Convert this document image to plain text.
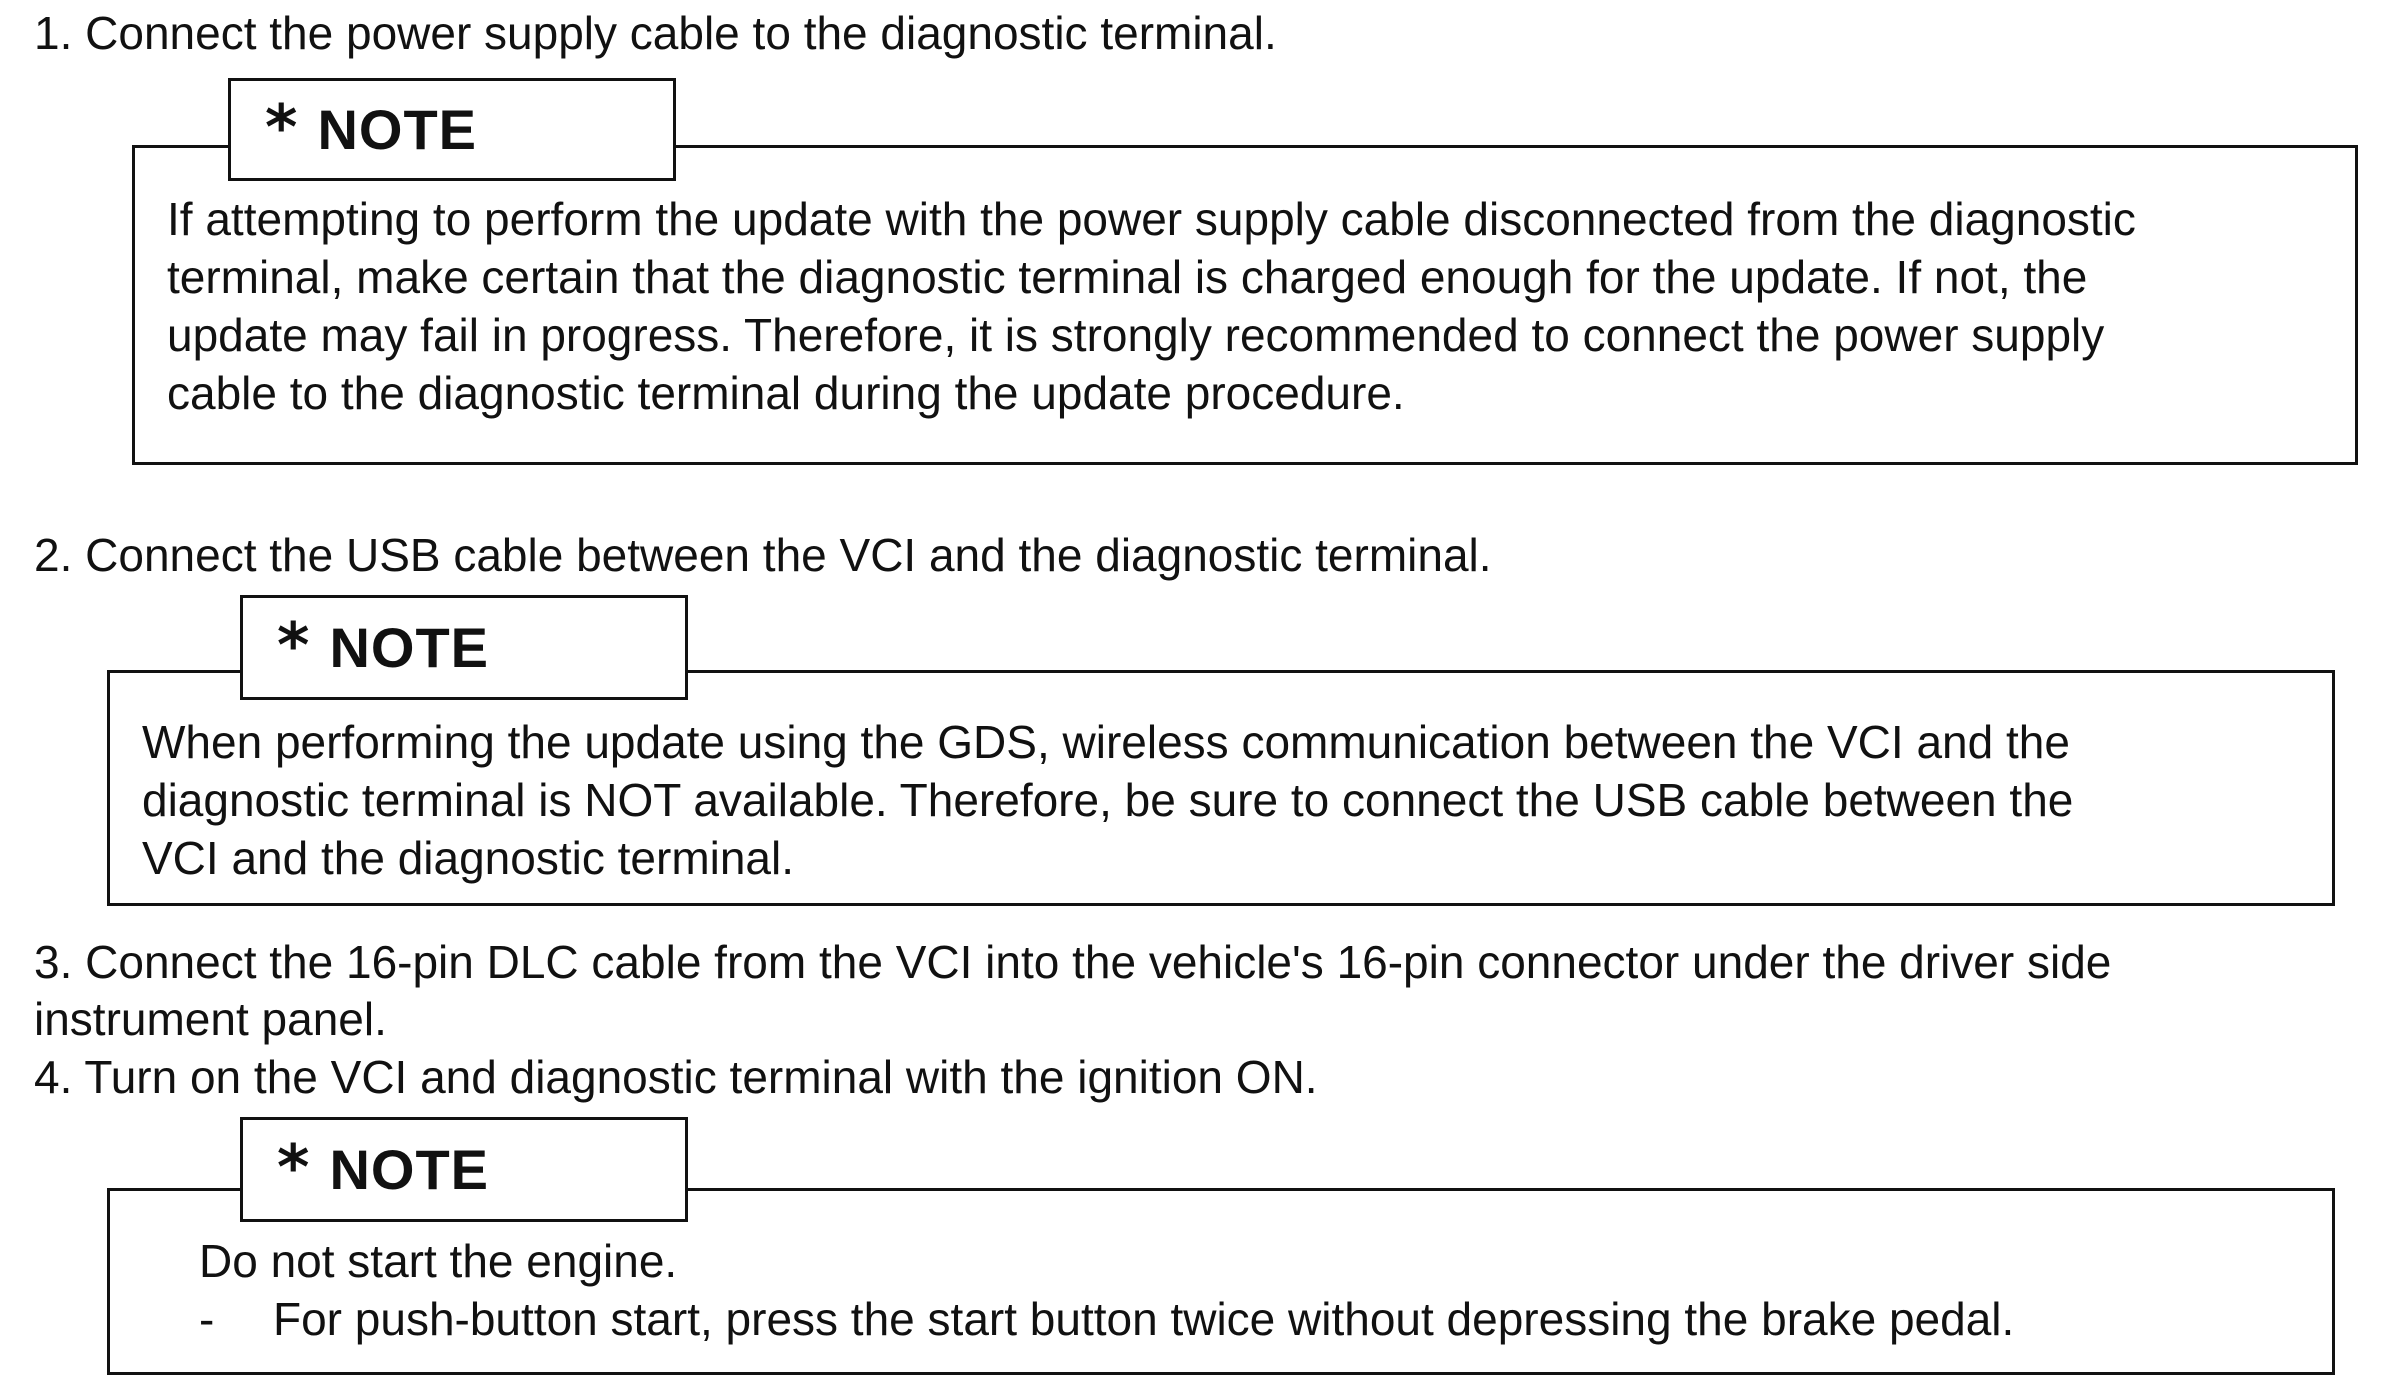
1. Connect the power supply cable to the diagnostic terminal.

* NOTE
If attempting to perform the update with the power supply cable disconnected from the diagnostic
terminal, make certain that the diagnostic terminal is charged enough for the update. If not, the
update may fail in progress. Therefore, it is strongly recommended to connect the power supply
cable to the diagnostic terminal during the update procedure.

2. Connect the USB cable between the VCI and the diagnostic terminal.

* NOTE
When performing the update using the GDS, wireless communication between the VCI and the
diagnostic terminal is NOT available. Therefore, be sure to connect the USB cable between the
VCI and the diagnostic terminal.

3. Connect the 16-pin DLC cable from the VCI into the vehicle's 16-pin connector under the driver side

instrument panel.

4. Turn on the VCI and diagnostic terminal with the ignition ON.

* NOTE
Do not start the engine.
- For push-button start, press the start button twice without depressing the brake pedal.
